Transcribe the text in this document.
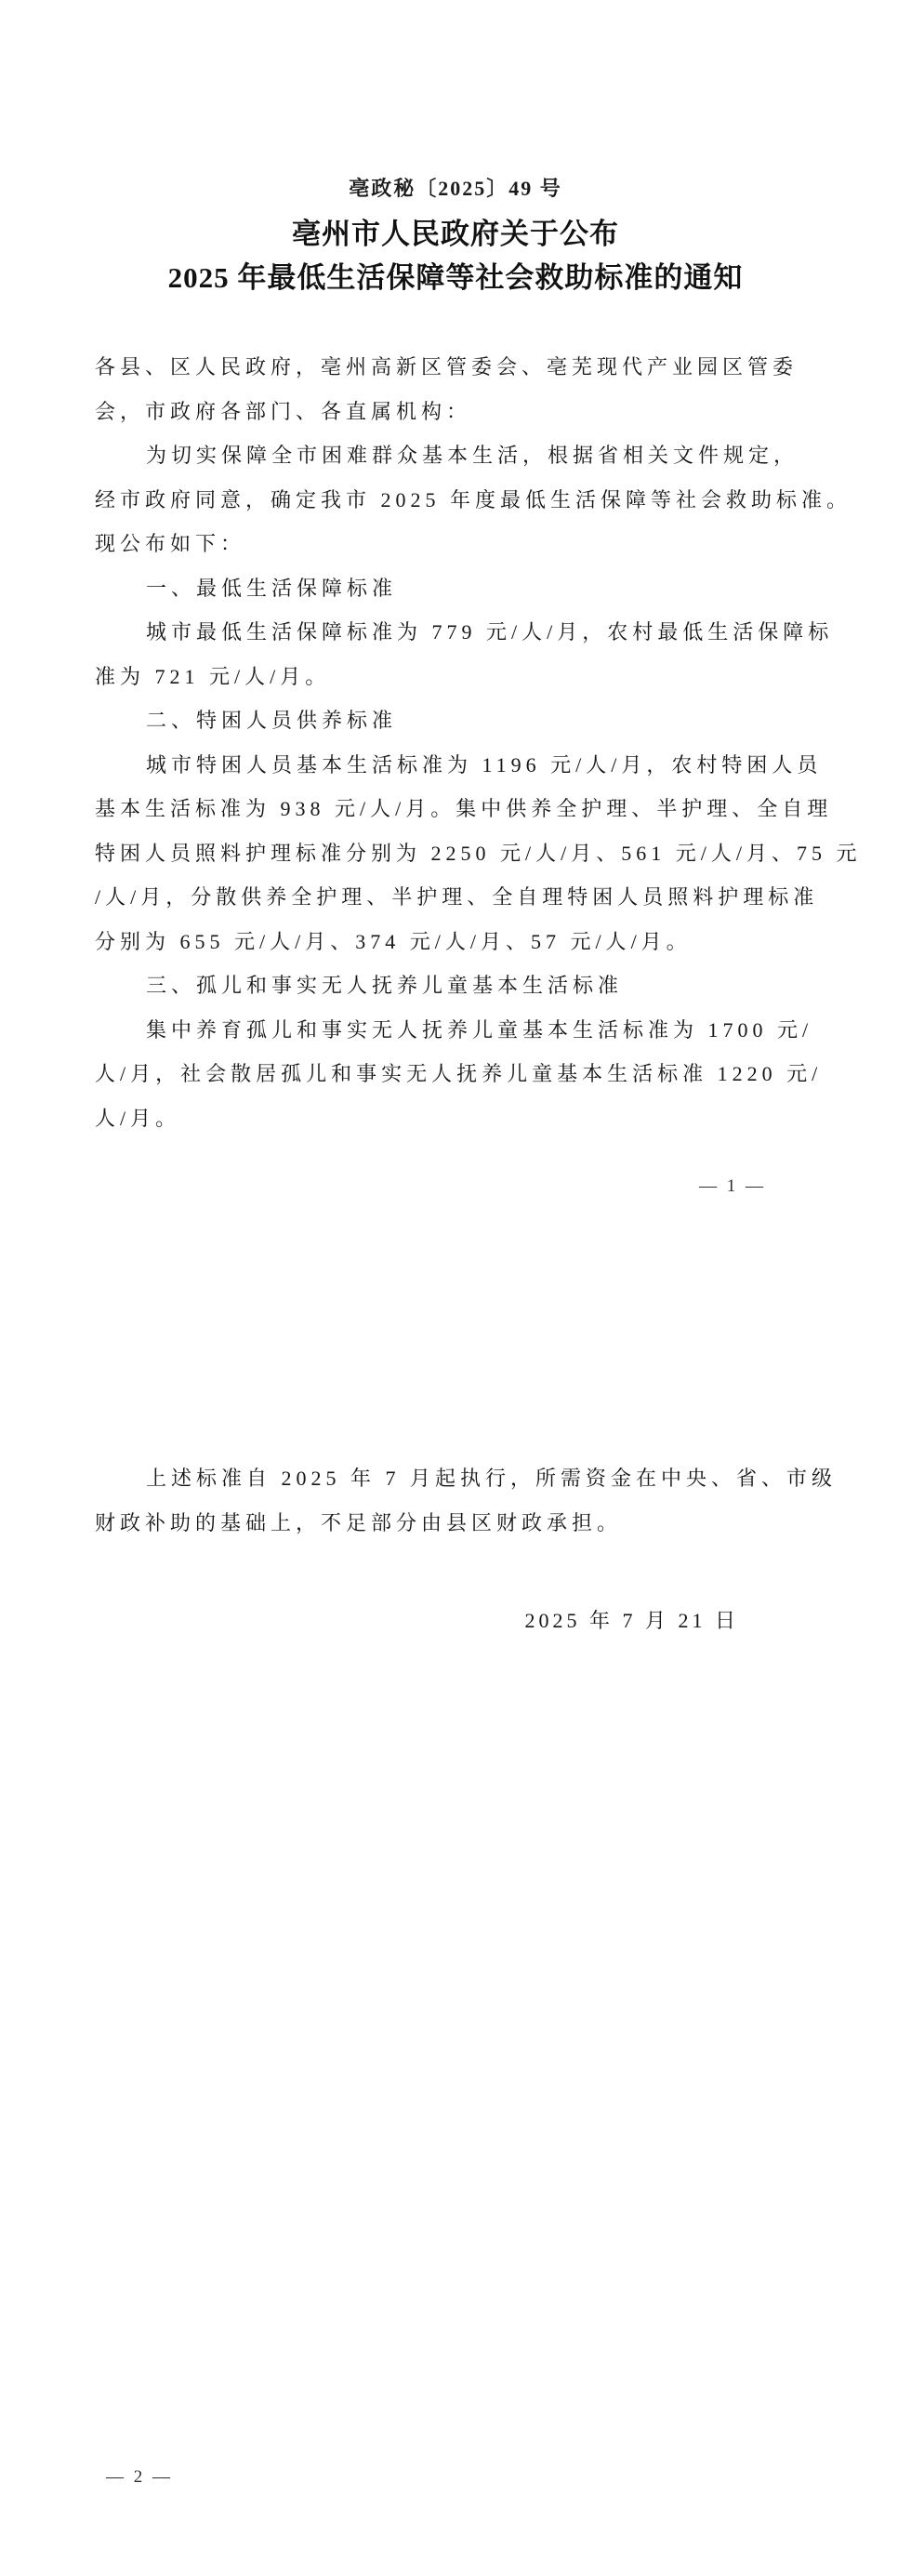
亳政秘〔2025〕49 号
亳州市人民政府关于公布
2025 年最低生活保障等社会救助标准的通知
各县、区人民政府，亳州高新区管委会、亳芜现代产业园区管委
会，市政府各部门、各直属机构：
为切实保障全市困难群众基本生活，根据省相关文件规定，
经市政府同意，确定我市 2025 年度最低生活保障等社会救助标准。
现公布如下：
一、最低生活保障标准
城市最低生活保障标准为 779 元/人/月，农村最低生活保障标
准为 721 元/人/月。
二、特困人员供养标准
城市特困人员基本生活标准为 1196 元/人/月，农村特困人员
基本生活标准为 938 元/人/月。集中供养全护理、半护理、全自理
特困人员照料护理标准分别为 2250 元/人/月、561 元/人/月、75 元
/人/月，分散供养全护理、半护理、全自理特困人员照料护理标准
分别为 655 元/人/月、374 元/人/月、57 元/人/月。
三、孤儿和事实无人抚养儿童基本生活标准
集中养育孤儿和事实无人抚养儿童基本生活标准为 1700 元/
人/月，社会散居孤儿和事实无人抚养儿童基本生活标准 1220 元/
人/月。
— 1 —
上述标准自 2025 年 7 月起执行，所需资金在中央、省、市级
财政补助的基础上，不足部分由县区财政承担。
2025 年 7 月 21 日
— 2 —
